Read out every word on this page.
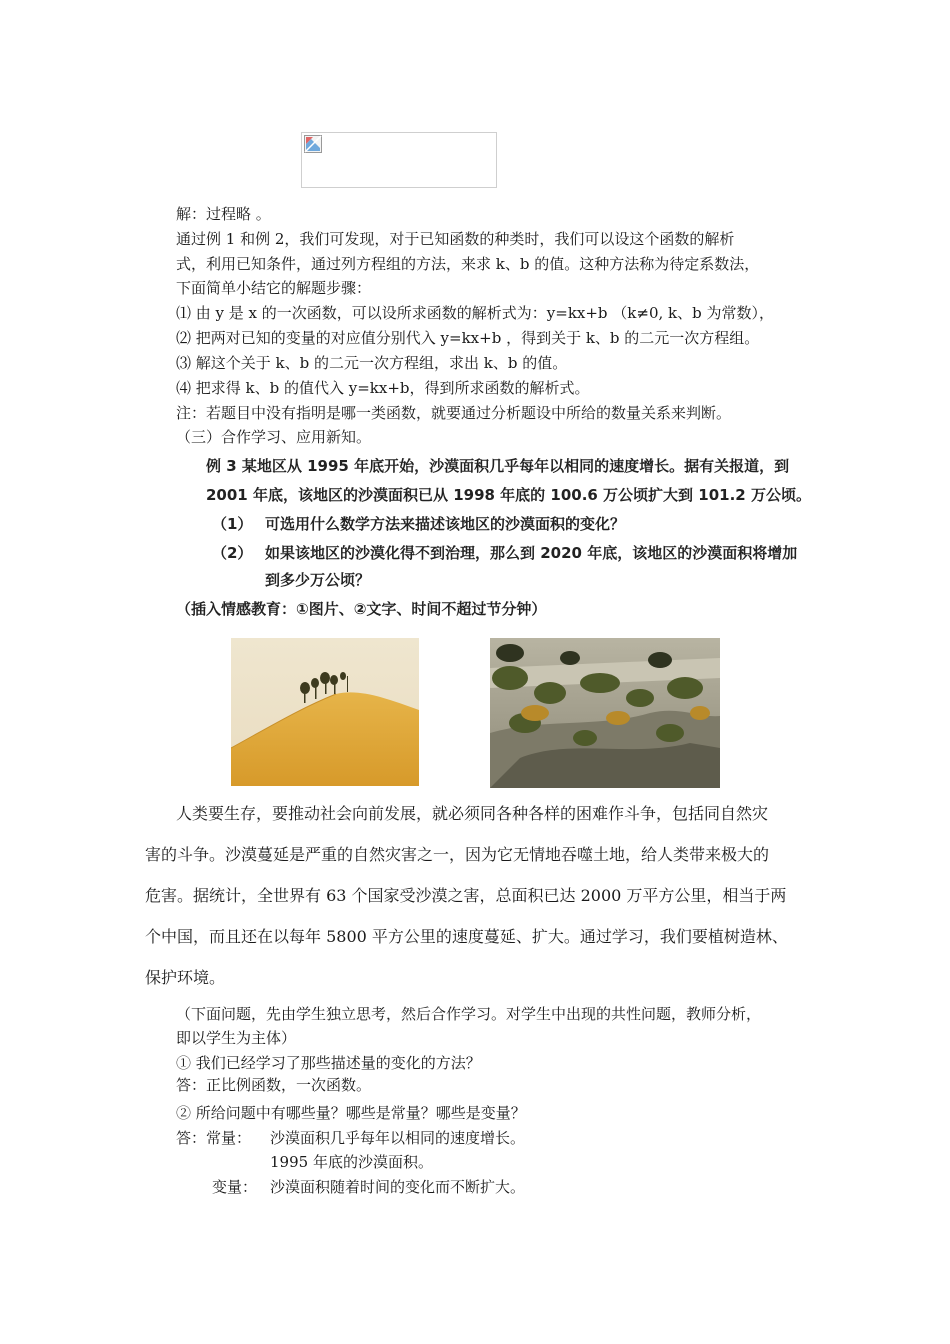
解：过程略 。
通过例 1 和例 2，我们可发现，对于已知函数的种类时，我们可以设这个函数的解析
式，利用已知条件，通过列方程组的方法，来求 k、b 的值。这种方法称为待定系数法，
下面简单小结它的解题步骤：
⑴ 由 y 是 x 的一次函数，可以设所求函数的解析式为：y=kx+b （k≠0, k、b 为常数），
⑵ 把两对已知的变量的对应值分别代入 y=kx+b ，得到关于 k、b 的二元一次方程组。
⑶ 解这个关于 k、b 的二元一次方程组，求出 k、b 的值。
⑷ 把求得 k、b 的值代入 y=kx+b，得到所求函数的解析式。
注：若题目中没有指明是哪一类函数，就要通过分析题设中所给的数量关系来判断。
（三）合作学习、应用新知。
例 3 某地区从 1995 年底开始，沙漠面积几乎每年以相同的速度增长。据有关报道，到
2001 年底，该地区的沙漠面积已从 1998 年底的 100.6 万公顷扩大到 101.2 万公顷。
（1） 可选用什么数学方法来描述该地区的沙漠面积的变化？
（2） 如果该地区的沙漠化得不到治理，那么到 2020 年底，该地区的沙漠面积将增加
到多少万公顷？
（插入情感教育：①图片、②文字、时间不超过节分钟）
人类要生存，要推动社会向前发展，就必须同各种各样的困难作斗争，包括同自然灾
害的斗争。沙漠蔓延是严重的自然灾害之一，因为它无情地吞噬土地，给人类带来极大的
危害。据统计，全世界有 63 个国家受沙漠之害，总面积已达 2000 万平方公里，相当于两
个中国，而且还在以每年 5800 平方公里的速度蔓延、扩大。通过学习，我们要植树造林、
保护环境。
（下面问题，先由学生独立思考，然后合作学习。对学生中出现的共性问题，教师分析，
即以学生为主体）
① 我们已经学习了那些描述量的变化的方法？
答：正比例函数，一次函数。
② 所给问题中有哪些量？哪些是常量？哪些是变量？
答：常量： 沙漠面积几乎每年以相同的速度增长。
1995 年底的沙漠面积。
变量： 沙漠面积随着时间的变化而不断扩大。
